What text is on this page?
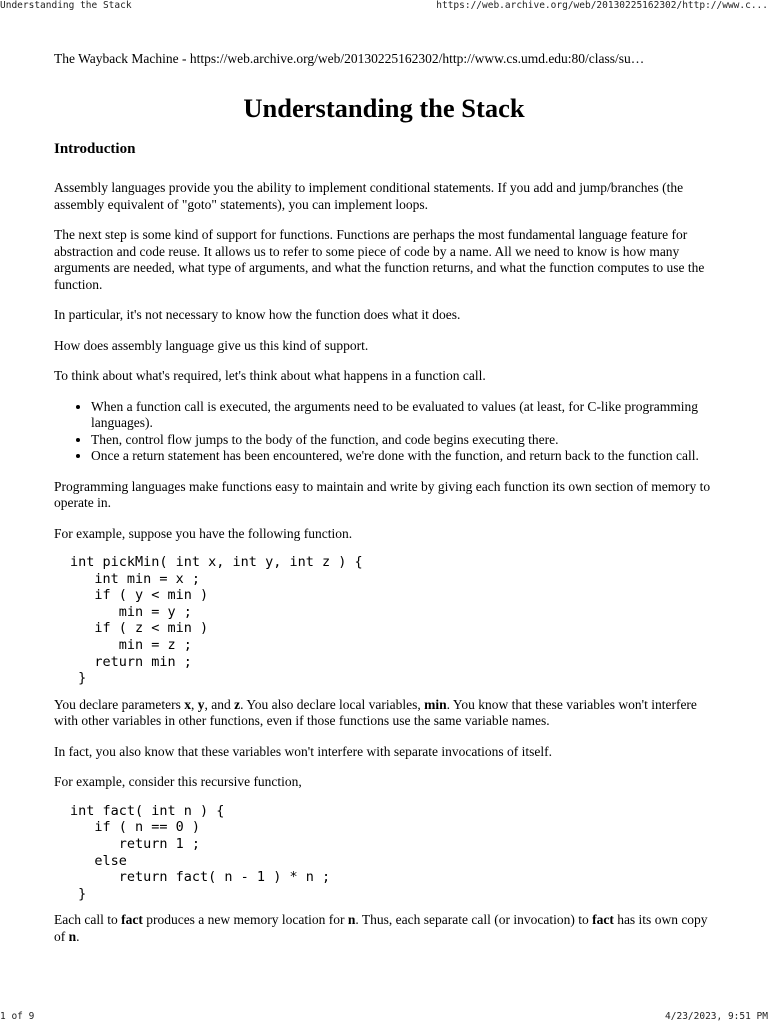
Understanding the Stack	https://web.archive.org/web/20130225162302/http://www.c...

The Wayback Machine - https://web.archive.org/web/20130225162302/http://www.cs.umd.edu:80/class/su…

Understanding the Stack
Introduction

Assembly languages provide you the ability to implement conditional statements. If you add and jump/branches (the assembly equivalent of "goto" statements), you can implement loops.

The next step is some kind of support for functions. Functions are perhaps the most fundamental language feature for abstraction and code reuse. It allows us to refer to some piece of code by a name. All we need to know is how many arguments are needed, what type of arguments, and what the function returns, and what the function computes to use the function.

In particular, it's not necessary to know how the function does what it does.

How does assembly language give us this kind of support.

To think about what's required, let's think about what happens in a function call.

• When a function call is executed, the arguments need to be evaluated to values (at least, for C-like programming languages).
• Then, control flow jumps to the body of the function, and code begins executing there.
• Once a return statement has been encountered, we're done with the function, and return back to the function call.

Programming languages make functions easy to maintain and write by giving each function its own section of memory to operate in.

For example, suppose you have the following function.

int pickMin( int x, int y, int z ) {
int min = x ;
if ( y < min )
min = y ;
if ( z < min )
min = z ;
return min ;
}

You declare parameters x, y, and z. You also declare local variables, min. You know that these variables won't interfere with other variables in other functions, even if those functions use the same variable names.

In fact, you also know that these variables won't interfere with separate invocations of itself.

For example, consider this recursive function,

int fact( int n ) {
if ( n == 0 )
return 1 ;
else
return fact( n - 1 ) * n ;
}

Each call to fact produces a new memory location for n. Thus, each separate call (or invocation) to fact has its own copy of n.

1 of 9	4/23/2023, 9:51 PM
